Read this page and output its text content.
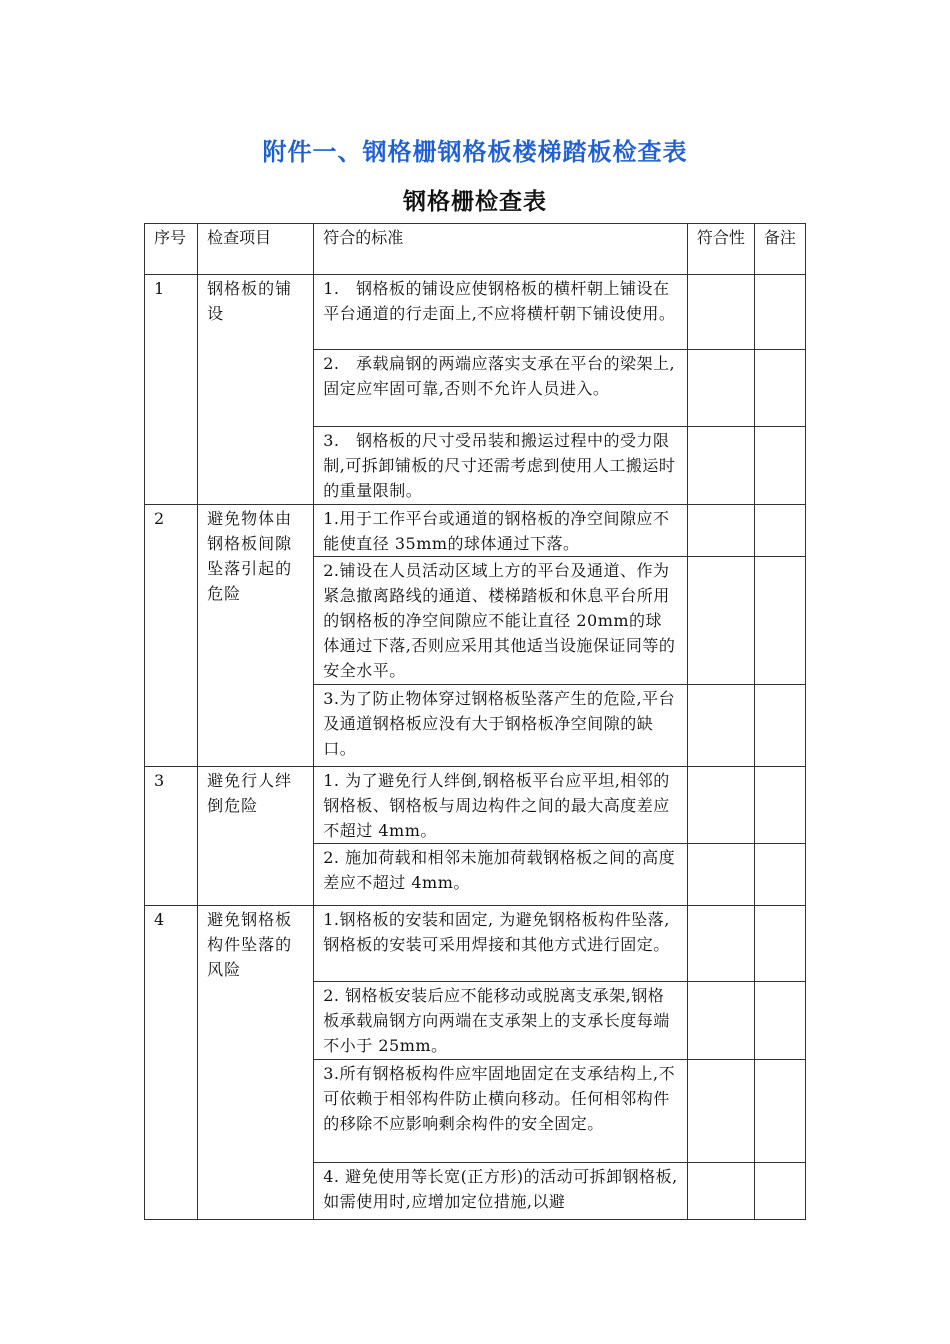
附件一、钢格栅钢格板楼梯踏板检查表
钢格栅检查表
序号	检查项目	符合的标准	符合性	备注
1	钢格板的铺设	1.　钢格板的铺设应使钢格板的横杆朝上铺设在平台通道的行走面上,不应将横杆朝下铺设使用。		
		2.　承载扁钢的两端应落实支承在平台的梁架上,固定应牢固可靠,否则不允许人员进入。		
		3.　钢格板的尺寸受吊装和搬运过程中的受力限制,可拆卸铺板的尺寸还需考虑到使用人工搬运时的重量限制。		
2	避免物体由钢格板间隙坠落引起的危险	1.用于工作平台或通道的钢格板的净空间隙应不能使直径 35mm的球体通过下落。		
		2.铺设在人员活动区域上方的平台及通道、作为紧急撤离路线的通道、楼梯踏板和休息平台所用的钢格板的净空间隙应不能让直径 20mm的球体通过下落,否则应采用其他适当设施保证同等的安全水平。		
		3.为了防止物体穿过钢格板坠落产生的危险,平台及通道钢格板应没有大于钢格板净空间隙的缺口。		
3	避免行人绊倒危险	1. 为了避免行人绊倒,钢格板平台应平坦,相邻的钢格板、钢格板与周边构件之间的最大高度差应不超过 4mm。		
		2. 施加荷载和相邻未施加荷载钢格板之间的高度差应不超过 4mm。		
4	避免钢格板构件坠落的风险	1.钢格板的安装和固定, 为避免钢格板构件坠落,钢格板的安装可采用焊接和其他方式进行固定。		
		2. 钢格板安装后应不能移动或脱离支承架,钢格板承载扁钢方向两端在支承架上的支承长度每端不小于 25mm。		
		3.所有钢格板构件应牢固地固定在支承结构上,不可依赖于相邻构件防止横向移动。任何相邻构件的移除不应影响剩余构件的安全固定。		
		4. 避免使用等长宽(正方形)的活动可拆卸钢格板,如需使用时,应增加定位措施,以避		
